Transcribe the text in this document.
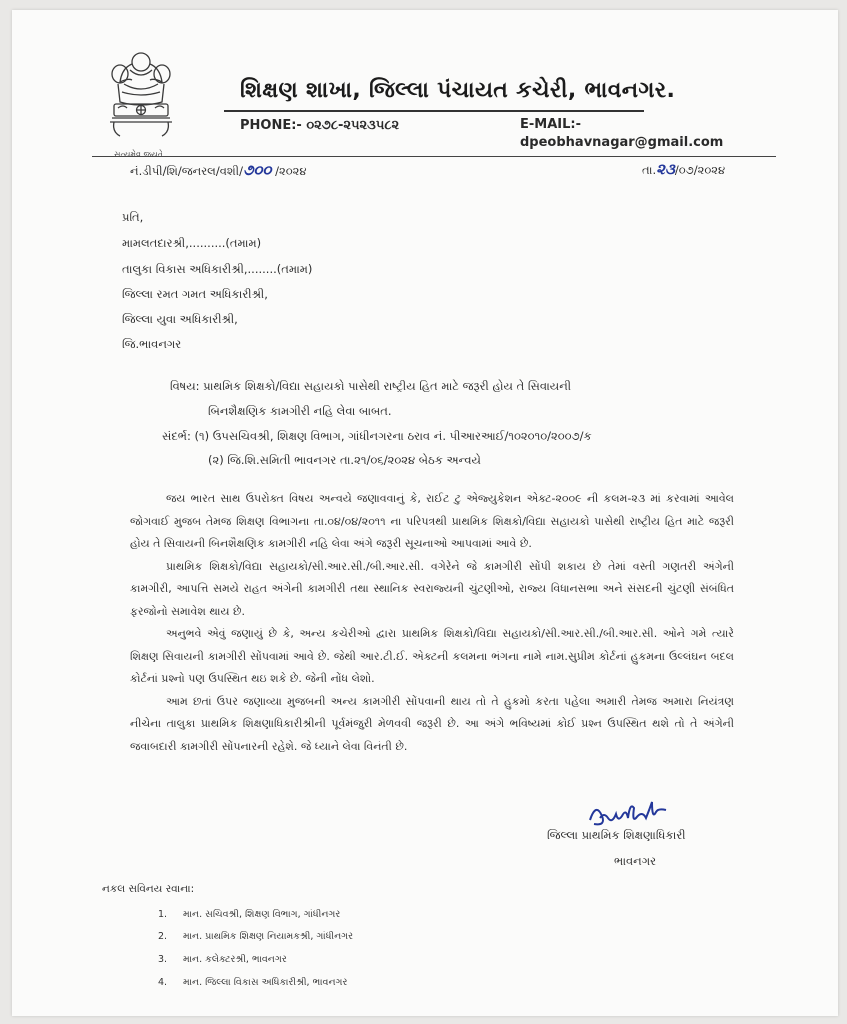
સત્યમેવ જયતે
શિક્ષણ શાખા, જિલ્લા પંચાયત કચેરી, ભાવનગર.
PHONE:- ૦૨૭૮-૨૫૨૩૫૮૨	E-MAIL:-
dpeobhavnagar@gmail.com
નં.ડીપી/શિ/જનરલ/વશી/૭૦૦ /૨૦૨૪	તા.૨૩/૦૭/૨૦૨૪
પ્રતિ,
મામલતદારશ્રી,..........(તમામ)
તાલુકા વિકાસ અધિકારીશ્રી,........(તમામ)
જિલ્લા રમત ગમત અધિકારીશ્રી,
જિલ્લા યુવા અધિકારીશ્રી,
જિ.ભાવનગર
વિષય: પ્રાથમિક શિક્ષકો/વિદ્યા સહાયકો પાસેથી રાષ્ટ્રીય હિત માટે જરૂરી હોય તે સિવાયની
બિનશૈક્ષણિક કામગીરી નહિ લેવા બાબત.
સંદર્ભ: (૧) ઉપસચિવશ્રી, શિક્ષણ વિભાગ, ગાંધીનગરના ઠરાવ નં. પીઆરઆઈ/૧૦૨૦૧૦/૨૦૦૭/ક
(૨) જિ.શિ.સમિતી ભાવનગર તા.૨૧/૦૬/૨૦૨૪ બેઠક અન્વયે

જય ભારત સાથ ઉપરોક્ત વિષય અન્વયે જણાવવાનું કે, રાઈટ ટુ એજ્યુકેશન એક્ટ-૨૦૦૯ ની કલમ-૨૩ માં કરવામાં આવેલ જોગવાઈ મુજબ તેમજ શિક્ષણ વિભાગના તા.૦૪/૦૪/૨૦૧૧ ના પરિપત્રથી પ્રાથમિક શિક્ષકો/વિદ્યા સહાયકો પાસેથી રાષ્ટ્રીય હિત માટે જરૂરી હોય તે સિવાયની બિનશૈક્ષણિક કામગીરી નહિ લેવા અંગે જરૂરી સૂચનાઓ આપવામાં આવે છે.

પ્રાથમિક શિક્ષકો/વિદ્યા સહાયકો/સી.આર.સી./બી.આર.સી. વગેરેને જે કામગીરી સોંપી શકાય છે તેમાં વસ્તી ગણતરી અંગેની કામગીરી, આપત્તિ સમયે રાહત અંગેની કામગીરી તથા સ્થાનિક સ્વરાજ્યની ચુંટણીઓ, રાજ્ય વિધાનસભા અને સંસદની ચુંટણી સંબંધિત ફરજોનો સમાવેશ થાય છે.

અનુભવે એવું જણાયું છે કે, અન્ય કચેરીઓ દ્વારા પ્રાથમિક શિક્ષકો/વિદ્યા સહાયકો/સી.આર.સી./બી.આર.સી. ઓને ગમે ત્યારે શિક્ષણ સિવાયની કામગીરી સોંપવામાં આવે છે. જેથી આર.ટી.ઈ. એક્ટની કલમના ભંગના નામે નામ.સુપ્રીમ કોર્ટનાં હુકમના ઉલ્લંઘન બદલ કોર્ટનાં પ્રશ્નો પણ ઉપસ્થિત થઇ શકે છે. જેની નોંધ લેશો.

આમ છતાં ઉપર જણાવ્યા મુજબની અન્ય કામગીરી સોંપવાની થાય તો તે હુકમો કરતા પહેલા અમારી તેમજ અમારા નિયંત્રણ નીચેના તાલુકા પ્રાથમિક શિક્ષણાધિકારીશ્રીની પૂર્વમંજુરી મેળવવી જરૂરી છે. આ અંગે ભવિષ્યમાં કોઈ પ્રશ્ન ઉપસ્થિત થશે તો તે અંગેની જવાબદારી કામગીરી સોંપનારની રહેશે. જે ધ્યાને લેવા વિનંતી છે.

જિલ્લા પ્રાથમિક શિક્ષણાધિકારી
ભાવનગર
નકલ સવિનય રવાના:
1. માન. સચિવશ્રી, શિક્ષણ વિભાગ, ગાંધીનગર
2. માન. પ્રાથમિક શિક્ષણ નિયામકશ્રી, ગાંધીનગર
3. માન. કલેક્ટરશ્રી, ભાવનગર
4. માન. જિલ્લા વિકાસ અધિકારીશ્રી, ભાવનગર
